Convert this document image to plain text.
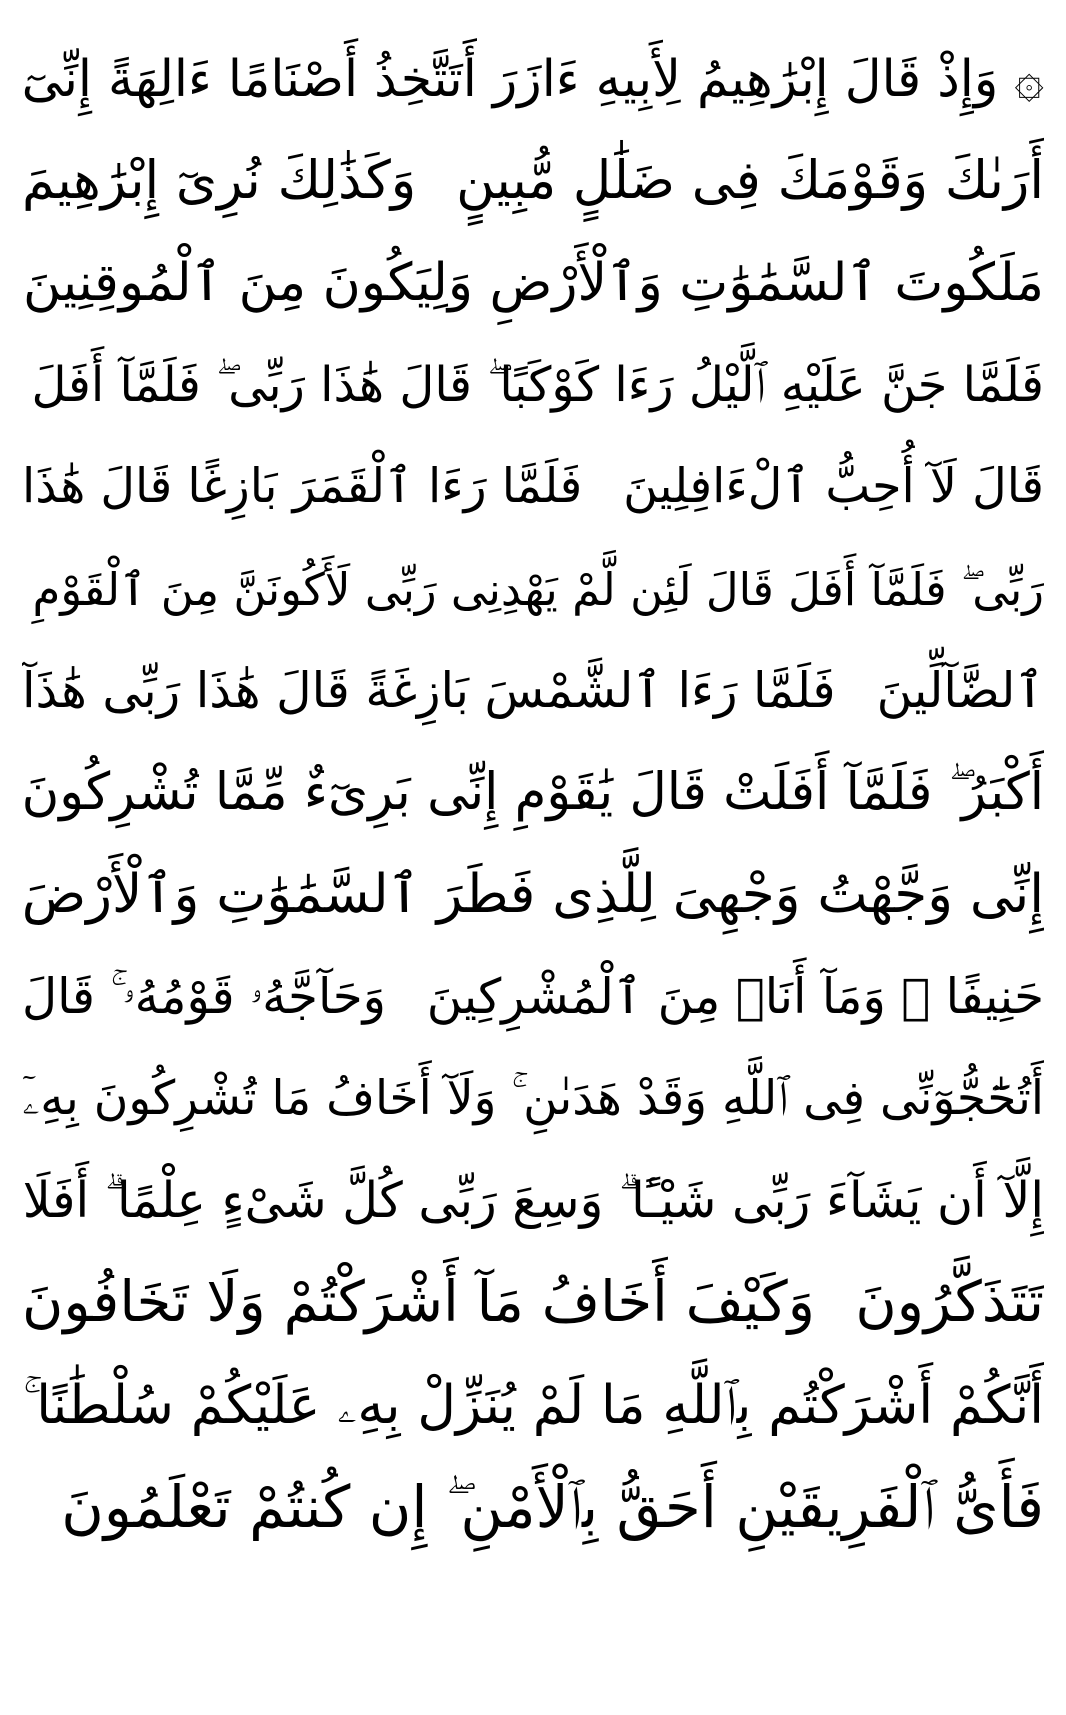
۞ وَإِذْ قَالَ إِبْرَٰهِيمُ لِأَبِيهِ ءَازَرَ أَتَتَّخِذُ أَصْنَامًا ءَالِهَةً إِنِّىٓ
أَرَىٰكَ وَقَوْمَكَ فِى ضَلَٰلٍ مُّبِينٍ
وَكَذَٰلِكَ نُرِىٓ إِبْرَٰهِيمَ
مَلَكُوتَ ٱلسَّمَٰوَٰتِ وَٱلْأَرْضِ وَلِيَكُونَ مِنَ ٱلْمُوقِنِينَ
فَلَمَّا جَنَّ عَلَيْهِ ٱلَّيْلُ رَءَا كَوْكَبًا ۖ قَالَ هَٰذَا رَبِّى ۖ فَلَمَّآ أَفَلَ
قَالَ لَآ أُحِبُّ ٱلْءَافِلِينَ
فَلَمَّا رَءَا ٱلْقَمَرَ بَازِغًا قَالَ هَٰذَا
رَبِّى ۖ فَلَمَّآ أَفَلَ قَالَ لَئِن لَّمْ يَهْدِنِى رَبِّى لَأَكُونَنَّ مِنَ ٱلْقَوْمِ
ٱلضَّآلِّينَ
فَلَمَّا رَءَا ٱلشَّمْسَ بَازِغَةً قَالَ هَٰذَا رَبِّى هَٰذَآ
أَكْبَرُ ۖ فَلَمَّآ أَفَلَتْ قَالَ يَٰقَوْمِ إِنِّى بَرِىٓءٌ مِّمَّا تُشْرِكُونَ
إِنِّى وَجَّهْتُ وَجْهِىَ لِلَّذِى فَطَرَ ٱلسَّمَٰوَٰتِ وَٱلْأَرْضَ
حَنِيفًا ۖ وَمَآ أَنَا۠ مِنَ ٱلْمُشْرِكِينَ
وَحَآجَّهُۥ قَوْمُهُۥ ۚ قَالَ
أَتُحَٰٓجُّوٓنِّى فِى ٱللَّهِ وَقَدْ هَدَىٰنِ ۚ وَلَآ أَخَافُ مَا تُشْرِكُونَ بِهِۦٓ
إِلَّآ أَن يَشَآءَ رَبِّى شَيْـًٔا ۗ وَسِعَ رَبِّى كُلَّ شَىْءٍ عِلْمًا ۗ أَفَلَا
تَتَذَكَّرُونَ
وَكَيْفَ أَخَافُ مَآ أَشْرَكْتُمْ وَلَا تَخَافُونَ
أَنَّكُمْ أَشْرَكْتُم بِٱللَّهِ مَا لَمْ يُنَزِّلْ بِهِۦ عَلَيْكُمْ سُلْطَٰنًا ۚ
فَأَىُّ ٱلْفَرِيقَيْنِ أَحَقُّ بِٱلْأَمْنِ ۖ إِن كُنتُمْ تَعْلَمُونَ
